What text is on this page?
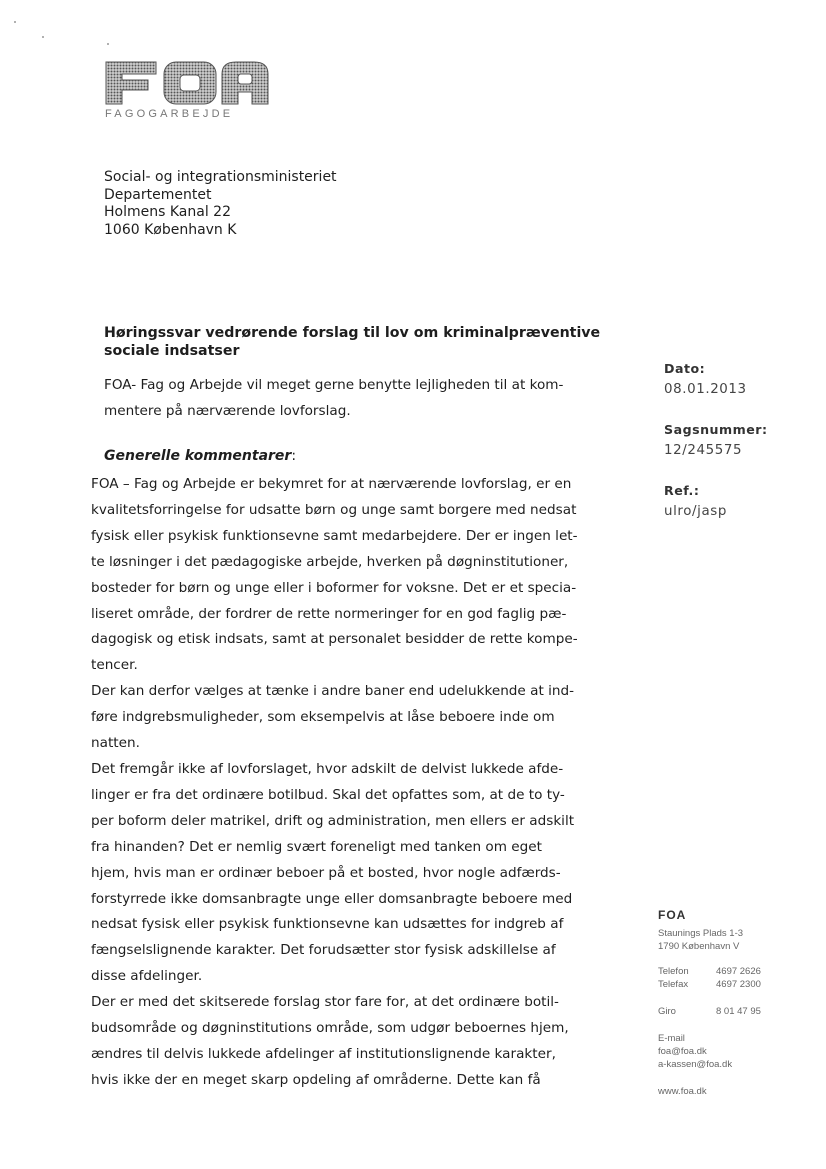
FAGOGARBEJDE
Social- og integrationsministeriet
Departementet
Holmens Kanal 22
1060 København K
Høringssvar vedrørende forslag til lov om kriminalpræventive sociale indsatser
FOA- Fag og Arbejde vil meget gerne benytte lejligheden til at kom-
mentere på nærværende lovforslag.
Generelle kommentarer:
FOA – Fag og Arbejde er bekymret for at nærværende lovforslag, er en
kvalitetsforringelse for udsatte børn og unge samt borgere med nedsat
fysisk eller psykisk funktionsevne samt medarbejdere. Der er ingen let-
te løsninger i det pædagogiske arbejde, hverken på døgninstitutioner,
bosteder for børn og unge eller i boformer for voksne. Det er et specia-
liseret område, der fordrer de rette normeringer for en god faglig pæ-
dagogisk og etisk indsats, samt at personalet besidder de rette kompe-
tencer.
Der kan derfor vælges at tænke i andre baner end udelukkende at ind-
føre indgrebsmuligheder, som eksempelvis at låse beboere inde om
natten.
Det fremgår ikke af lovforslaget, hvor adskilt de delvist lukkede afde-
linger er fra det ordinære botilbud. Skal det opfattes som, at de to ty-
per boform deler matrikel, drift og administration, men ellers er adskilt
fra hinanden? Det er nemlig svært foreneligt med tanken om eget
hjem, hvis man er ordinær beboer på et bosted, hvor nogle adfærds-
forstyrrede ikke domsanbragte unge eller domsanbragte beboere med
nedsat fysisk eller psykisk funktionsevne kan udsættes for indgreb af
fængselslignende karakter. Det forudsætter stor fysisk adskillelse af
disse afdelinger.
Der er med det skitserede forslag stor fare for, at det ordinære botil-
budsområde og døgninstitutions område, som udgør beboernes hjem,
ændres til delvis lukkede afdelinger af institutionslignende karakter,
hvis ikke der en meget skarp opdeling af områderne. Dette kan få
Dato:
08.01.2013
Sagsnummer:
12/245575
Ref.:
ulro/jasp
FOA
Staunings Plads 1-3
1790 København V
Telefon	4697 2626
Telefax	4697 2300
Giro	8 01 47 95
E-mail
foa@foa.dk
a-kassen@foa.dk
www.foa.dk
